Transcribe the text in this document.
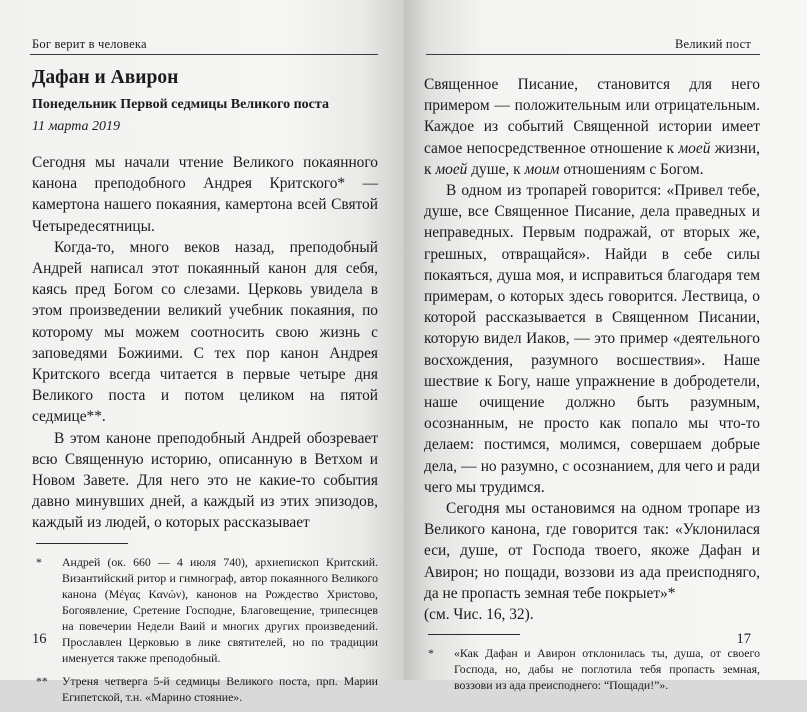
Бог верит в человека
Дафан и Авирон
Понедельник Первой седмицы Великого поста
11 марта 2019

Сегодня мы начали чтение Великого покаянного канона преподобного Андрея Критского* — камертона нашего покаяния, камертона всей Святой Четыредесятницы.

Когда-то, много веков назад, преподобный Андрей написал этот покаянный канон для себя, каясь пред Богом со слезами. Церковь увидела в этом произведении великий учебник покаяния, по которому мы можем соотносить свою жизнь с заповедями Божиими. С тех пор канон Андрея Критского всегда читается в первые четыре дня Великого поста и потом целиком на пятой седмице**.

В этом каноне преподобный Андрей обозревает всю Священную историю, описанную в Ветхом и Новом Завете. Для него это не какие-то события давно минувших дней, а каждый из этих эпизодов, каждый из людей, о которых рассказывает

*	Андрей (ок. 660 — 4 июля 740), архиепископ Критский. Византийский ритор и гимнограф, автор покаянного Великого канона (Μέγας Κανών), канонов на Рождество Христово, Богоявление, Сретение Господне, Благовещение, трипеснцев на повечерии Недели Ваий и многих других произведений. Прославлен Церковью в лике святителей, но по традиции именуется также преподобный.
**	Утреня четверга 5-й седмицы Великого поста, прп. Марии Египетской, т.н. «Марино стояние».
16
Великий пост

Священное Писание, становится для него примером — положительным или отрицательным. Каждое из событий Священной истории имеет самое непосредственное отношение к моей жизни, к моей душе, к моим отношениям с Богом.

В одном из тропарей говорится: «Привел тебе, душе, все Священное Писание, дела праведных и неправедных. Первым подражай, от вторых же, грешных, отвращайся». Найди в себе силы покаяться, душа моя, и исправиться благодаря тем примерам, о которых здесь говорится. Лествица, о которой рассказывается в Священном Писании, которую видел Иаков, — это пример «деятельного восхождения, разумного восшествия». Наше шествие к Богу, наше упражнение в добродетели, наше очищение должно быть разумным, осознанным, не просто как попало мы что-то делаем: постимся, молимся, совершаем добрые дела, — но разумно, с осознанием, для чего и ради чего мы трудимся.

Сегодня мы остановимся на одном тропаре из Великого канона, где говорится так: «Уклонилася еси, душе, от Господа твоего, якоже Дафан и Авирон; но пощади, воззови из ада преисподняго, да не пропасть земная тебе покрыет»*

(см. Чис. 16, 32).

*	«Как Дафан и Авирон отклонилась ты, душа, от своего Господа, но, дабы не поглотила тебя пропасть земная, воззови из ада преисподнего: “Пощади!”».
17
